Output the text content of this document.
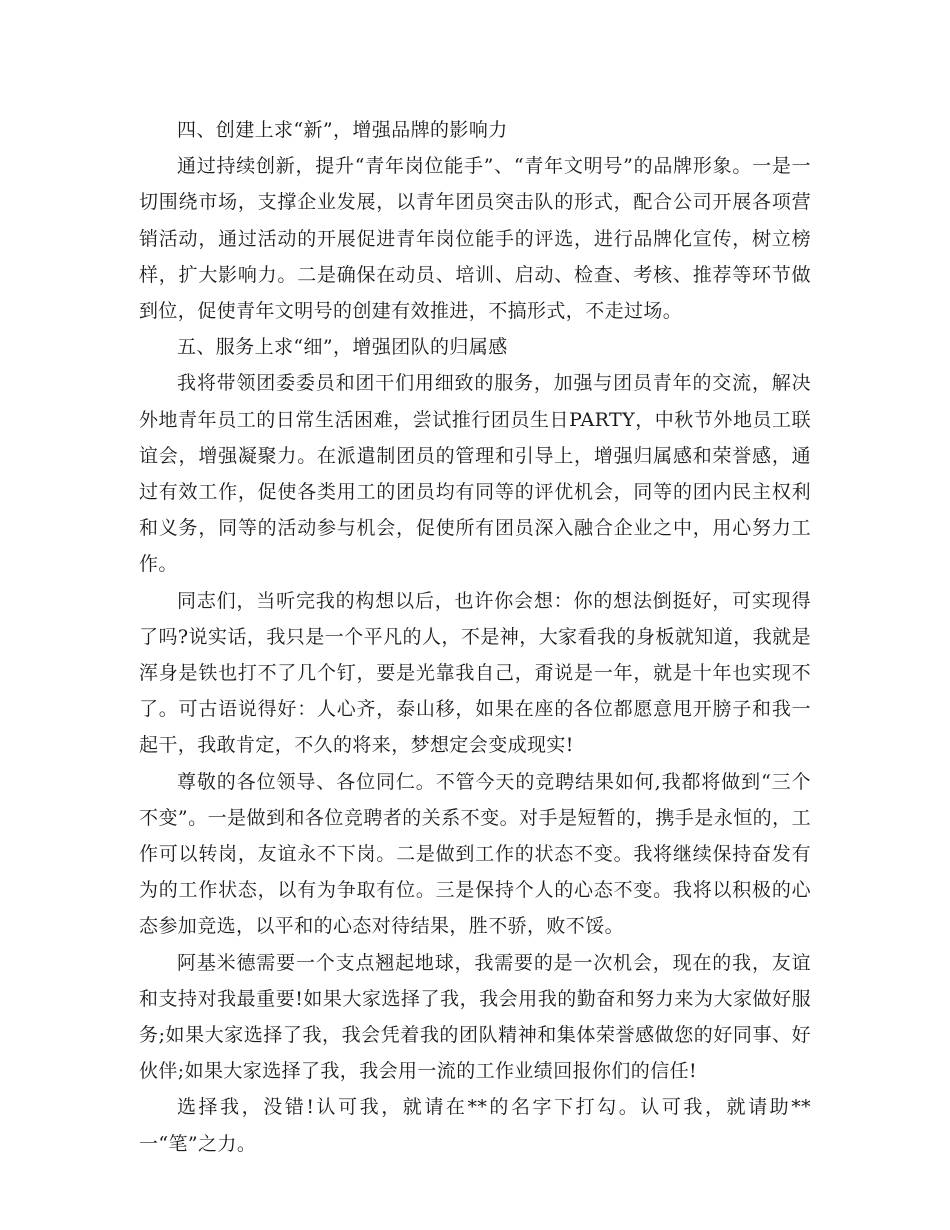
四、创建上求“新”，增强品牌的影响力

通过持续创新，提升“青年岗位能手”、“青年文明号”的品牌形象。一是一切围绕市场，支撑企业发展，以青年团员突击队的形式，配合公司开展各项营销活动，通过活动的开展促进青年岗位能手的评选，进行品牌化宣传，树立榜样，扩大影响力。二是确保在动员、培训、启动、检查、考核、推荐等环节做到位，促使青年文明号的创建有效推进，不搞形式，不走过场。

五、服务上求“细”，增强团队的归属感

我将带领团委委员和团干们用细致的服务，加强与团员青年的交流，解决外地青年员工的日常生活困难，尝试推行团员生日PARTY，中秋节外地员工联谊会，增强凝聚力。在派遣制团员的管理和引导上，增强归属感和荣誉感，通过有效工作，促使各类用工的团员均有同等的评优机会，同等的团内民主权利和义务，同等的活动参与机会，促使所有团员深入融合企业之中，用心努力工作。

同志们，当听完我的构想以后，也许你会想：你的想法倒挺好，可实现得了吗?说实话，我只是一个平凡的人，不是神，大家看我的身板就知道，我就是浑身是铁也打不了几个钉，要是光靠我自己，甭说是一年，就是十年也实现不了。可古语说得好：人心齐，泰山移，如果在座的各位都愿意甩开膀子和我一起干，我敢肯定，不久的将来，梦想定会变成现实!

尊敬的各位领导、各位同仁。不管今天的竞聘结果如何,我都将做到“三个不变”。一是做到和各位竞聘者的关系不变。对手是短暂的，携手是永恒的，工作可以转岗，友谊永不下岗。二是做到工作的状态不变。我将继续保持奋发有为的工作状态，以有为争取有位。三是保持个人的心态不变。我将以积极的心态参加竞选，以平和的心态对待结果，胜不骄，败不馁。

阿基米德需要一个支点翘起地球，我需要的是一次机会，现在的我，友谊和支持对我最重要!如果大家选择了我，我会用我的勤奋和努力来为大家做好服务;如果大家选择了我，我会凭着我的团队精神和集体荣誉感做您的好同事、好伙伴;如果大家选择了我，我会用一流的工作业绩回报你们的信任!

选择我，没错!认可我，就请在**的名字下打勾。认可我，就请助**一“笔”之力。
